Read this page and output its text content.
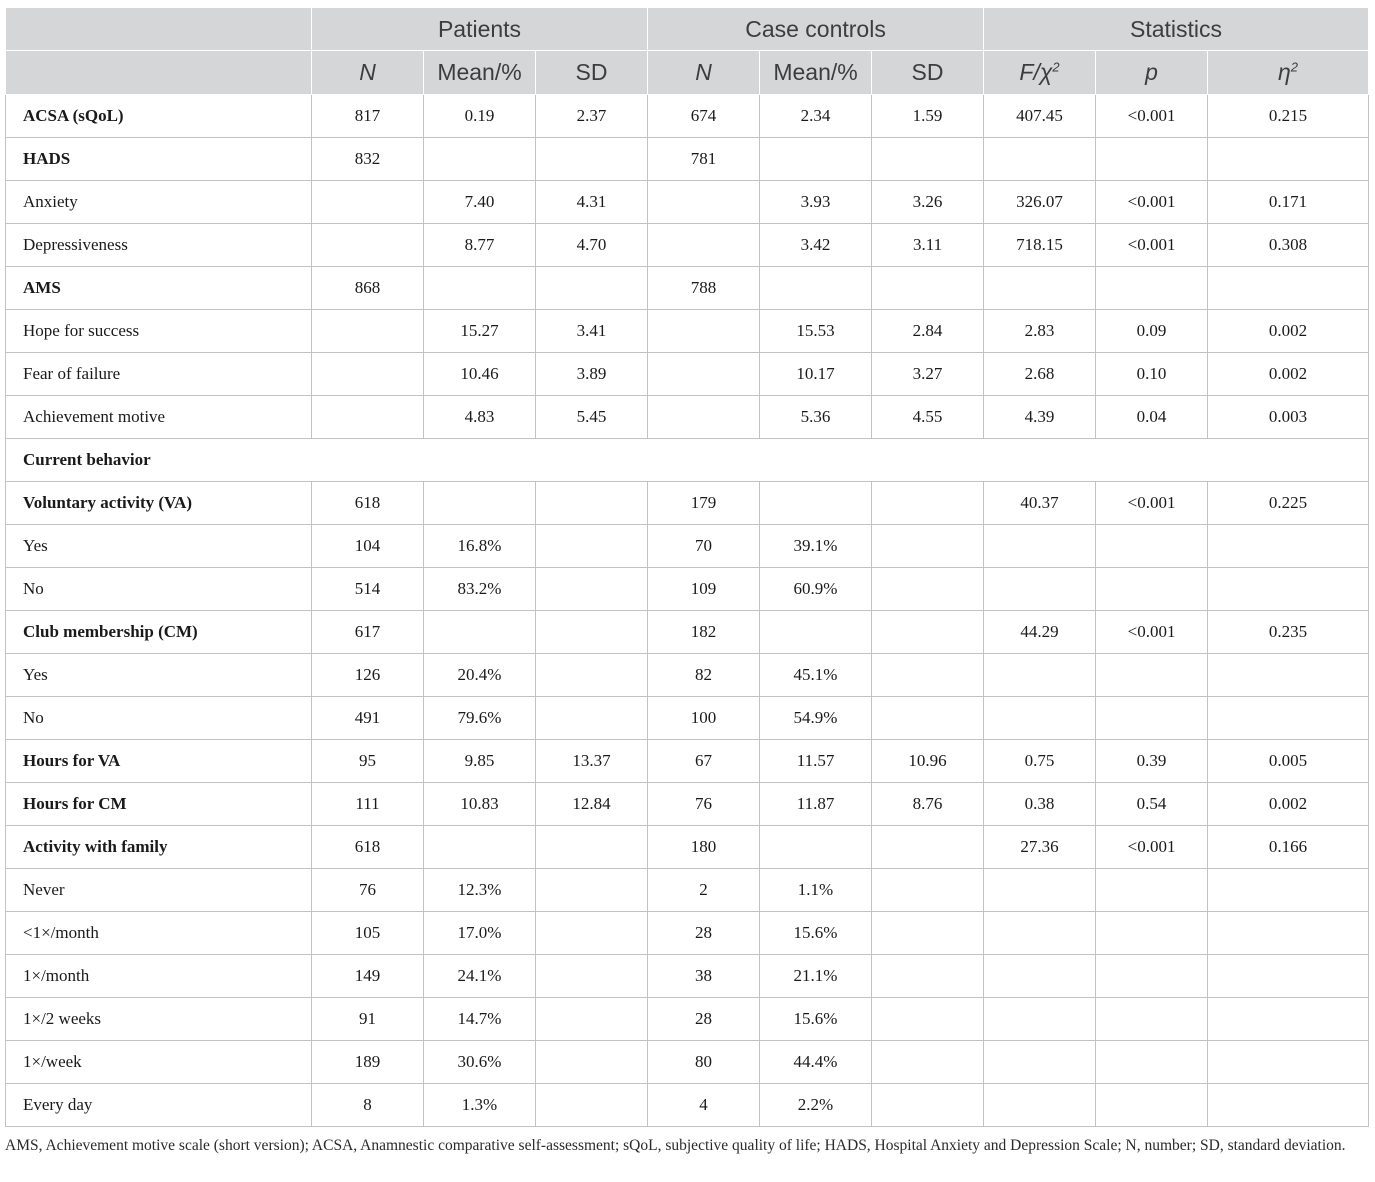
	Patients			Case controls			Statistics		
	N	Mean/%	SD	N	Mean/%	SD	$F/\chi^2$	p	$\eta^2$
ACSA (sQoL)	817	0.19	2.37	674	2.34	1.59	407.45	<0.001	0.215
HADS	832			781					
Anxiety		7.40	4.31		3.93	3.26	326.07	<0.001	0.171
Depressiveness		8.77	4.70		3.42	3.11	718.15	<0.001	0.308
AMS	868			788					
Hope for success		15.27	3.41		15.53	2.84	2.83	0.09	0.002
Fear of failure		10.46	3.89		10.17	3.27	2.68	0.10	0.002
Achievement motive		4.83	5.45		5.36	4.55	4.39	0.04	0.003
Current behavior									
Voluntary activity (VA)	618			179			40.37	<0.001	0.225
Yes	104	16.8%		70	39.1%				
No	514	83.2%		109	60.9%				
Club membership (CM)	617			182			44.29	<0.001	0.235
Yes	126	20.4%		82	45.1%				
No	491	79.6%		100	54.9%				
Hours for VA	95	9.85	13.37	67	11.57	10.96	0.75	0.39	0.005
Hours for CM	111	10.83	12.84	76	11.87	8.76	0.38	0.54	0.002
Activity with family	618			180			27.36	<0.001	0.166
Never	76	12.3%		2	1.1%				
<1×/month	105	17.0%		28	15.6%				
1×/month	149	24.1%		38	21.1%				
1×/2 weeks	91	14.7%		28	15.6%				
1×/week	189	30.6%		80	44.4%				
Every day	8	1.3%		4	2.2%				
AMS, Achievement motive scale (short version); ACSA, Anamnestic comparative self-assessment; sQoL, subjective quality of life; HADS, Hospital Anxiety and Depression Scale; N, number; SD, standard deviation.
